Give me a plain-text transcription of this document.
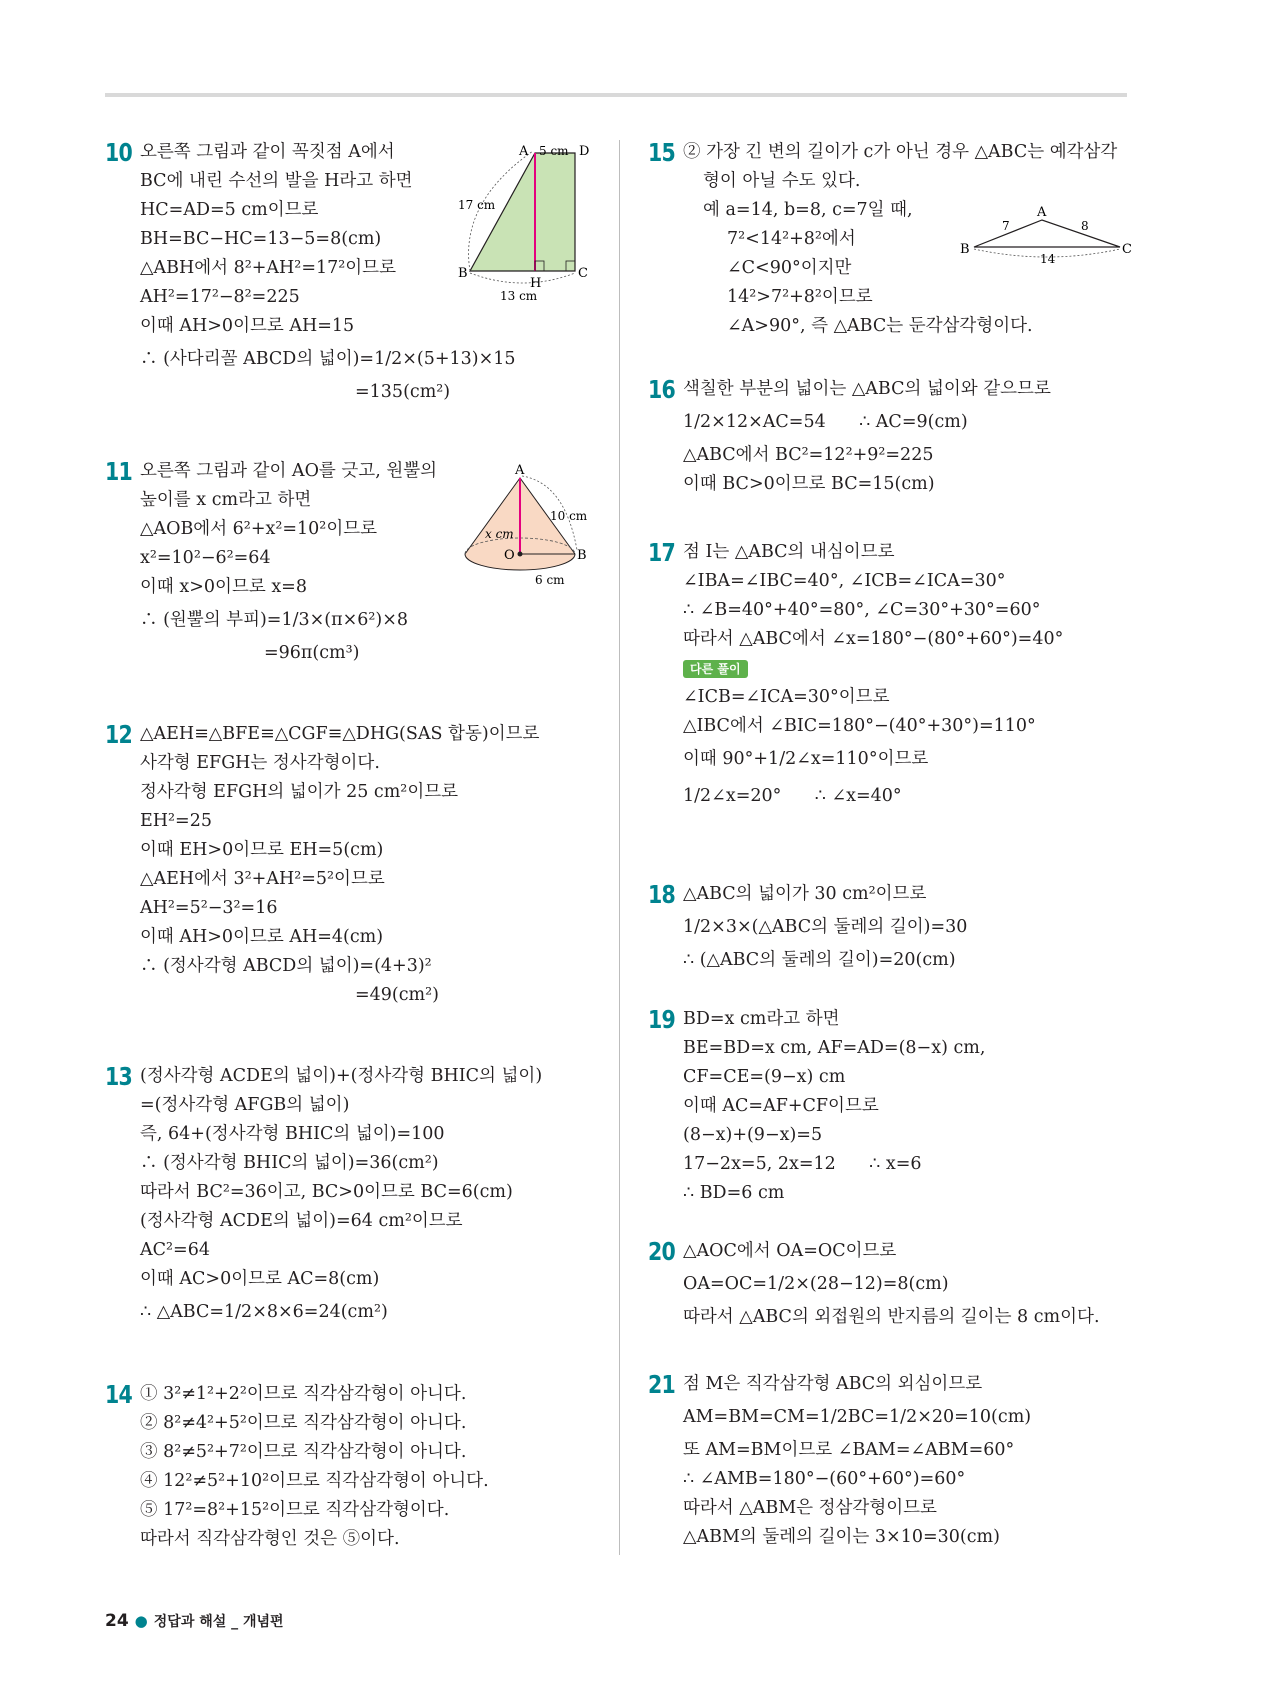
10 오른쪽 그림과 같이 꼭짓점 A에서
BC에 내린 수선의 발을 H라고 하면
HC=AD=5 cm이므로
BH=BC−HC=13−5=8(cm)
△ABH에서 8²+AH²=17²이므로
AH²=17²−8²=225
이때 AH>0이므로 AH=15
∴ (사다리꼴 ABCD의 넓이)=1/2×(5+13)×15
=135(cm²)
A	D
B	C
H
5 cm
17 cm
13 cm
11 오른쪽 그림과 같이 AO를 긋고, 원뿔의
높이를 x cm라고 하면
△AOB에서 6²+x²=10²이므로
x²=10²−6²=64
이때 x>0이므로 x=8
∴ (원뿔의 부피)=1/3×(π×6²)×8
=96π(cm³)
A
O	B
10 cm
x cm
6 cm
12 △AEH≡△BFE≡△CGF≡△DHG(SAS 합동)이므로
사각형 EFGH는 정사각형이다.
정사각형 EFGH의 넓이가 25 cm²이므로
EH²=25
이때 EH>0이므로 EH=5(cm)
△AEH에서 3²+AH²=5²이므로
AH²=5²−3²=16
이때 AH>0이므로 AH=4(cm)
∴ (정사각형 ABCD의 넓이)=(4+3)²
=49(cm²)
13 (정사각형 ACDE의 넓이)+(정사각형 BHIC의 넓이)
=(정사각형 AFGB의 넓이)
즉, 64+(정사각형 BHIC의 넓이)=100
∴ (정사각형 BHIC의 넓이)=36(cm²)
따라서 BC²=36이고, BC>0이므로 BC=6(cm)
(정사각형 ACDE의 넓이)=64 cm²이므로
AC²=64
이때 AC>0이므로 AC=8(cm)
∴ △ABC=1/2×8×6=24(cm²)
14 ① 3²≠1²+2²이므로 직각삼각형이 아니다.
② 8²≠4²+5²이므로 직각삼각형이 아니다.
③ 8²≠5²+7²이므로 직각삼각형이 아니다.
④ 12²≠5²+10²이므로 직각삼각형이 아니다.
⑤ 17²=8²+15²이므로 직각삼각형이다.
따라서 직각삼각형인 것은 ⑤이다.
15 ② 가장 긴 변의 길이가 c가 아닌 경우 △ABC는 예각삼각
형이 아닐 수도 있다.
예 a=14, b=8, c=7일 때,
7²<14²+8²에서
∠C<90°이지만
14²>7²+8²이므로
∠A>90°, 즉 △ABC는 둔각삼각형이다.
A
B	C
7	8
14
16 색칠한 부분의 넓이는 △ABC의 넓이와 같으므로
1/2×12×AC=54      ∴ AC=9(cm)
△ABC에서 BC²=12²+9²=225
이때 BC>0이므로 BC=15(cm)
17 점 I는 △ABC의 내심이므로
∠IBA=∠IBC=40°, ∠ICB=∠ICA=30°
∴ ∠B=40°+40°=80°, ∠C=30°+30°=60°
따라서 △ABC에서 ∠x=180°−(80°+60°)=40°
다른 풀이
∠ICB=∠ICA=30°이므로
△IBC에서 ∠BIC=180°−(40°+30°)=110°
이때 90°+1/2∠x=110°이므로
1/2∠x=20°      ∴ ∠x=40°
18 △ABC의 넓이가 30 cm²이므로
1/2×3×(△ABC의 둘레의 길이)=30
∴ (△ABC의 둘레의 길이)=20(cm)
19 BD=x cm라고 하면
BE=BD=x cm, AF=AD=(8−x) cm,
CF=CE=(9−x) cm
이때 AC=AF+CF이므로
(8−x)+(9−x)=5
17−2x=5, 2x=12      ∴ x=6
∴ BD=6 cm
20 △AOC에서 OA=OC이므로
OA=OC=1/2×(28−12)=8(cm)
따라서 △ABC의 외접원의 반지름의 길이는 8 cm이다.
21 점 M은 직각삼각형 ABC의 외심이므로
AM=BM=CM=1/2BC=1/2×20=10(cm)
또 AM=BM이므로 ∠BAM=∠ABM=60°
∴ ∠AMB=180°−(60°+60°)=60°
따라서 △ABM은 정삼각형이므로
△ABM의 둘레의 길이는 3×10=30(cm)
24 ● 정답과 해설 _ 개념편
